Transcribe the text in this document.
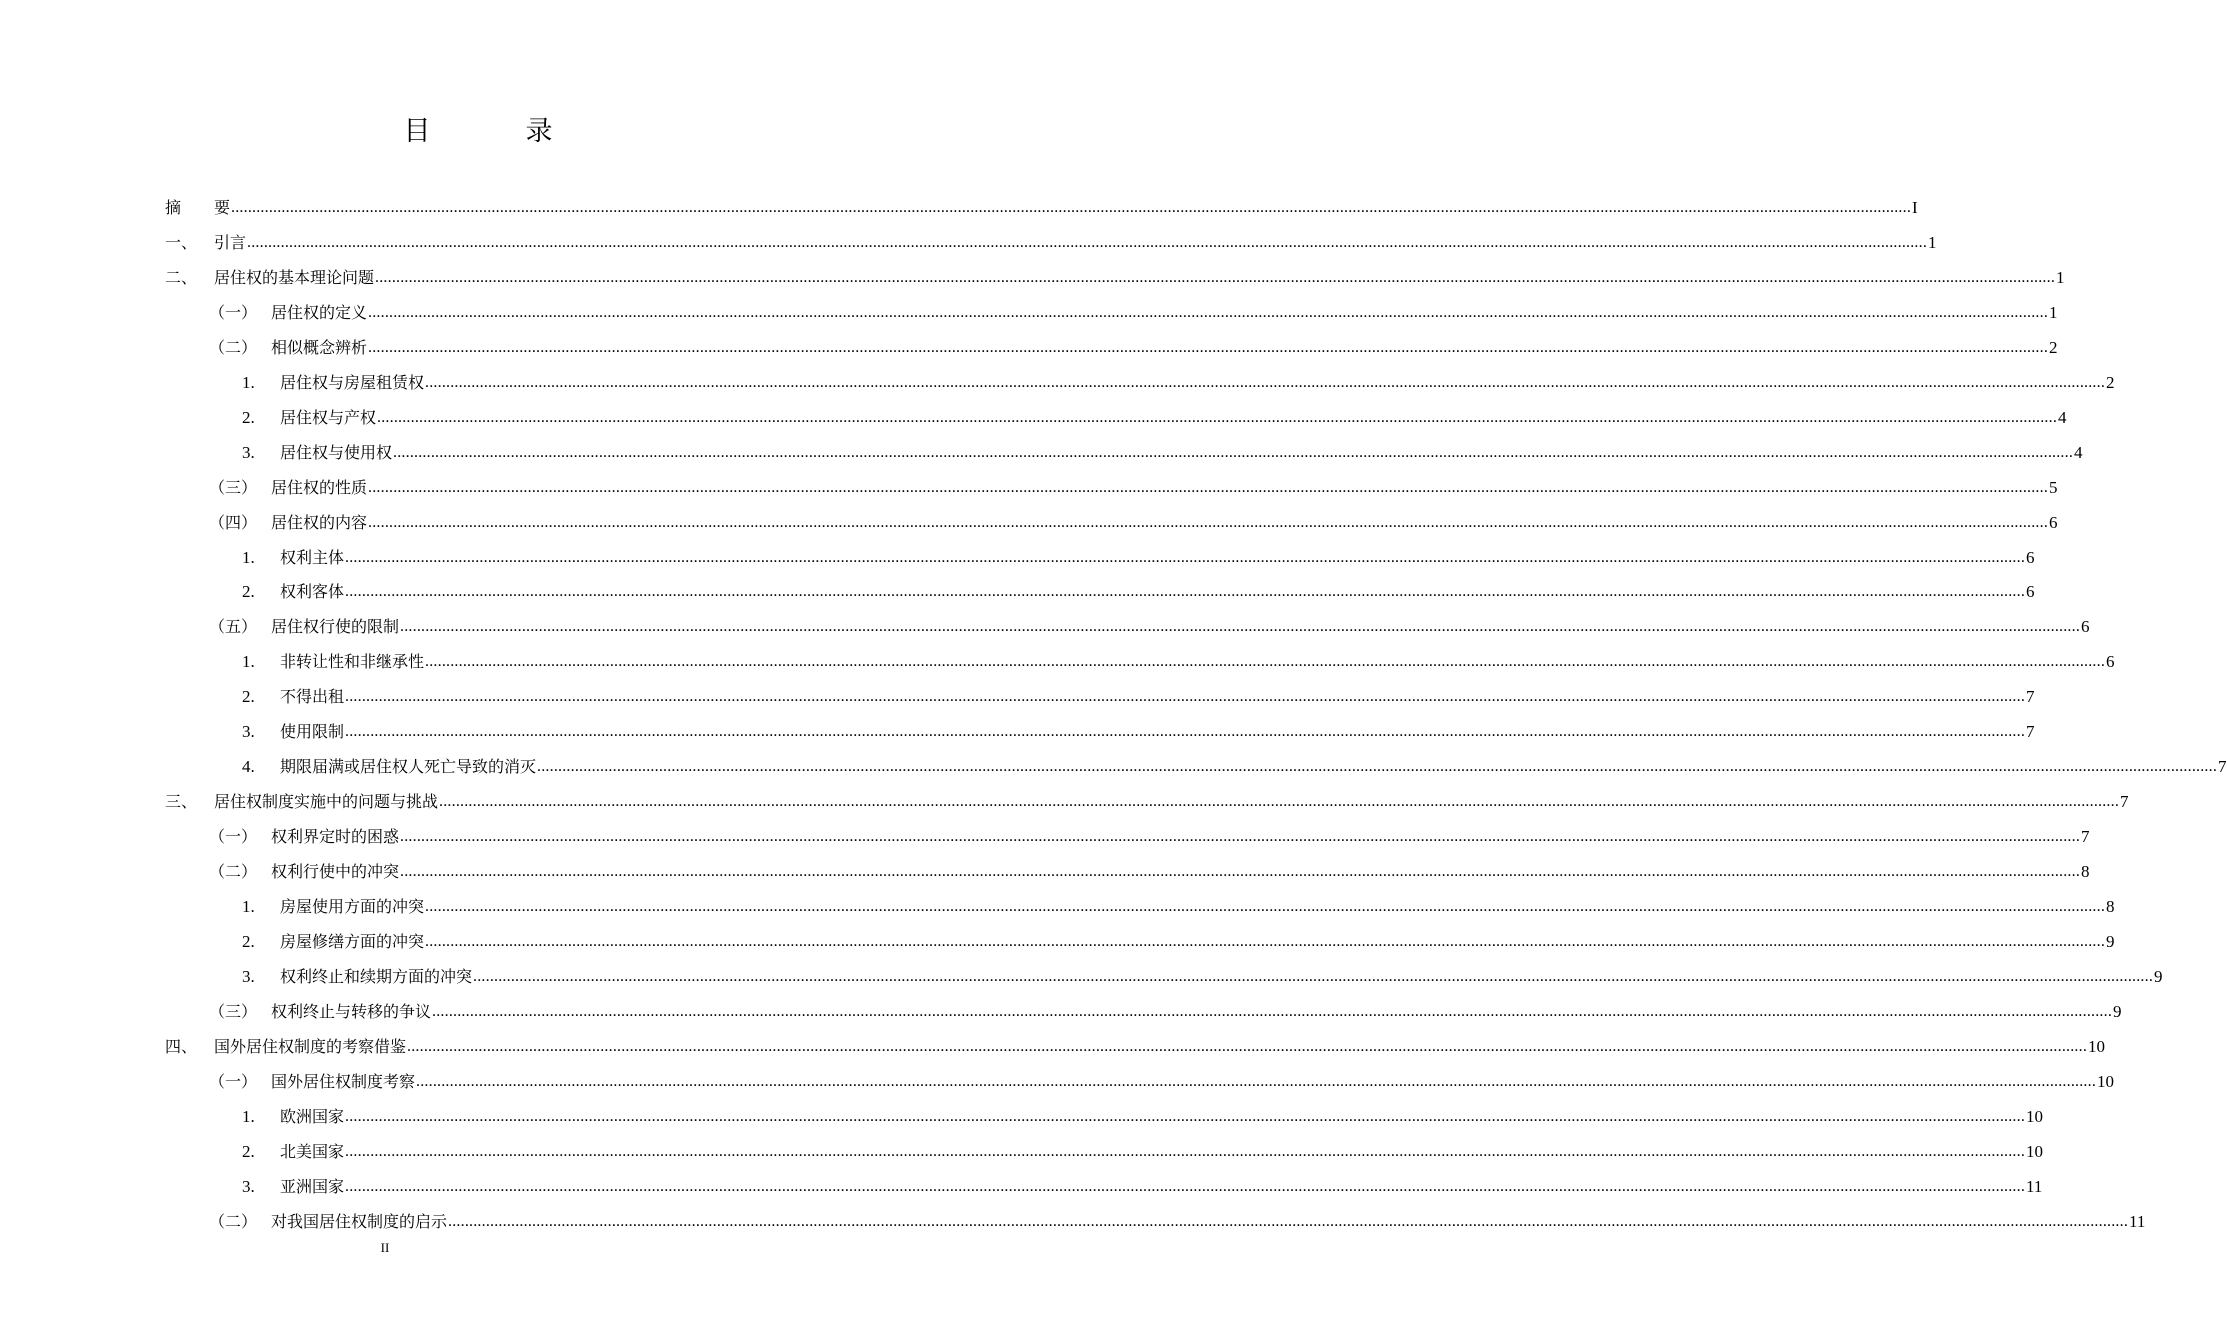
目　录
摘 要 ................................................................................................................................................................................................................................................................................................................................................................................................................ I
一、 引言 ................................................................................................................................................................................................................................................................................................................................................................................................................ 1
二、 居住权的基本理论问题 ................................................................................................................................................................................................................................................................................................................................................................................................................ 1
（一） 居住权的定义 ................................................................................................................................................................................................................................................................................................................................................................................................................ 1
（二） 相似概念辨析 ................................................................................................................................................................................................................................................................................................................................................................................................................ 2
1. 居住权与房屋租赁权 ................................................................................................................................................................................................................................................................................................................................................................................................................ 2
2. 居住权与产权 ................................................................................................................................................................................................................................................................................................................................................................................................................ 4
3. 居住权与使用权 ................................................................................................................................................................................................................................................................................................................................................................................................................ 4
（三） 居住权的性质 ................................................................................................................................................................................................................................................................................................................................................................................................................ 5
（四） 居住权的内容 ................................................................................................................................................................................................................................................................................................................................................................................................................ 6
1. 权利主体 ................................................................................................................................................................................................................................................................................................................................................................................................................ 6
2. 权利客体 ................................................................................................................................................................................................................................................................................................................................................................................................................ 6
（五） 居住权行使的限制 ................................................................................................................................................................................................................................................................................................................................................................................................................ 6
1. 非转让性和非继承性 ................................................................................................................................................................................................................................................................................................................................................................................................................ 6
2. 不得出租 ................................................................................................................................................................................................................................................................................................................................................................................................................ 7
3. 使用限制 ................................................................................................................................................................................................................................................................................................................................................................................................................ 7
4. 期限届满或居住权人死亡导致的消灭 ................................................................................................................................................................................................................................................................................................................................................................................................................ 7
三、 居住权制度实施中的问题与挑战 ................................................................................................................................................................................................................................................................................................................................................................................................................ 7
（一） 权利界定时的困惑 ................................................................................................................................................................................................................................................................................................................................................................................................................ 7
（二） 权利行使中的冲突 ................................................................................................................................................................................................................................................................................................................................................................................................................ 8
1. 房屋使用方面的冲突 ................................................................................................................................................................................................................................................................................................................................................................................................................ 8
2. 房屋修缮方面的冲突 ................................................................................................................................................................................................................................................................................................................................................................................................................ 9
3. 权利终止和续期方面的冲突 ................................................................................................................................................................................................................................................................................................................................................................................................................ 9
（三） 权利终止与转移的争议 ................................................................................................................................................................................................................................................................................................................................................................................................................ 9
四、 国外居住权制度的考察借鉴 ................................................................................................................................................................................................................................................................................................................................................................................................................ 10
（一） 国外居住权制度考察 ................................................................................................................................................................................................................................................................................................................................................................................................................ 10
1. 欧洲国家 ................................................................................................................................................................................................................................................................................................................................................................................................................ 10
2. 北美国家 ................................................................................................................................................................................................................................................................................................................................................................................................................ 10
3. 亚洲国家 ................................................................................................................................................................................................................................................................................................................................................................................................................ 11
（二） 对我国居住权制度的启示 ................................................................................................................................................................................................................................................................................................................................................................................................................ 11
II
